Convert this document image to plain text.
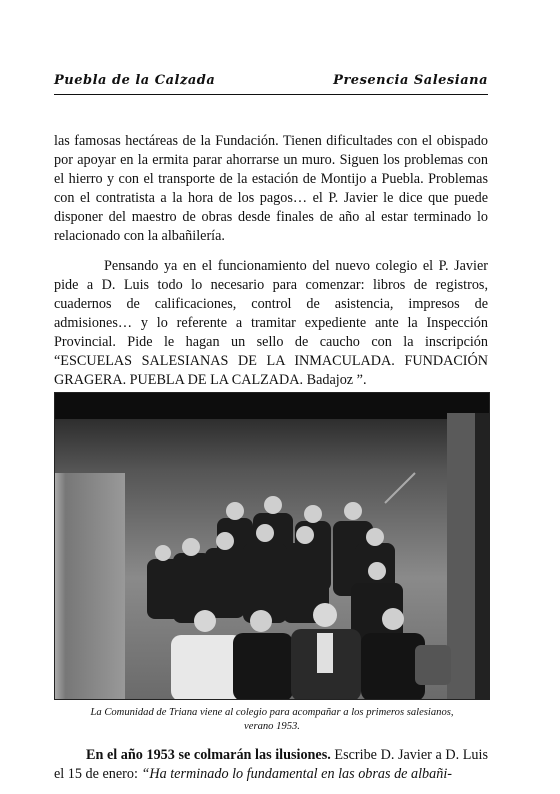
Puebla de la Calzada	Presencia Salesiana

las famosas hectáreas de la Fundación. Tienen dificultades con el obispado por apoyar en la ermita parar ahorrarse un muro. Siguen los problemas con el hierro y con el transporte de la estación de Montijo a Puebla. Problemas con el contratista a la hora de los pagos… el P. Javier le dice que puede disponer del maestro de obras desde finales de año al estar terminado lo relacionado con la albañilería.

Pensando ya en el funcionamiento del nuevo colegio el P. Javier pide a D. Luis todo lo necesario para comenzar: libros de registros, cuadernos de calificaciones, control de asistencia, impresos de admisiones… y lo referente a tramitar expediente ante la Inspección Provincial. Pide le hagan un sello de caucho con la inscripción “ESCUELAS SALESIANAS DE LA INMACULADA. FUNDACIÓN GRAGERA. PUEBLA DE LA CALZADA. Badajoz ”.

La Comunidad de Triana viene al colegio para acompañar a los primeros salesianos,
verano 1953.

En el año 1953 se colmarán las ilusiones. Escribe D. Javier a D. Luis el 15 de enero: “Ha terminado lo fundamental en las obras de albañi-
